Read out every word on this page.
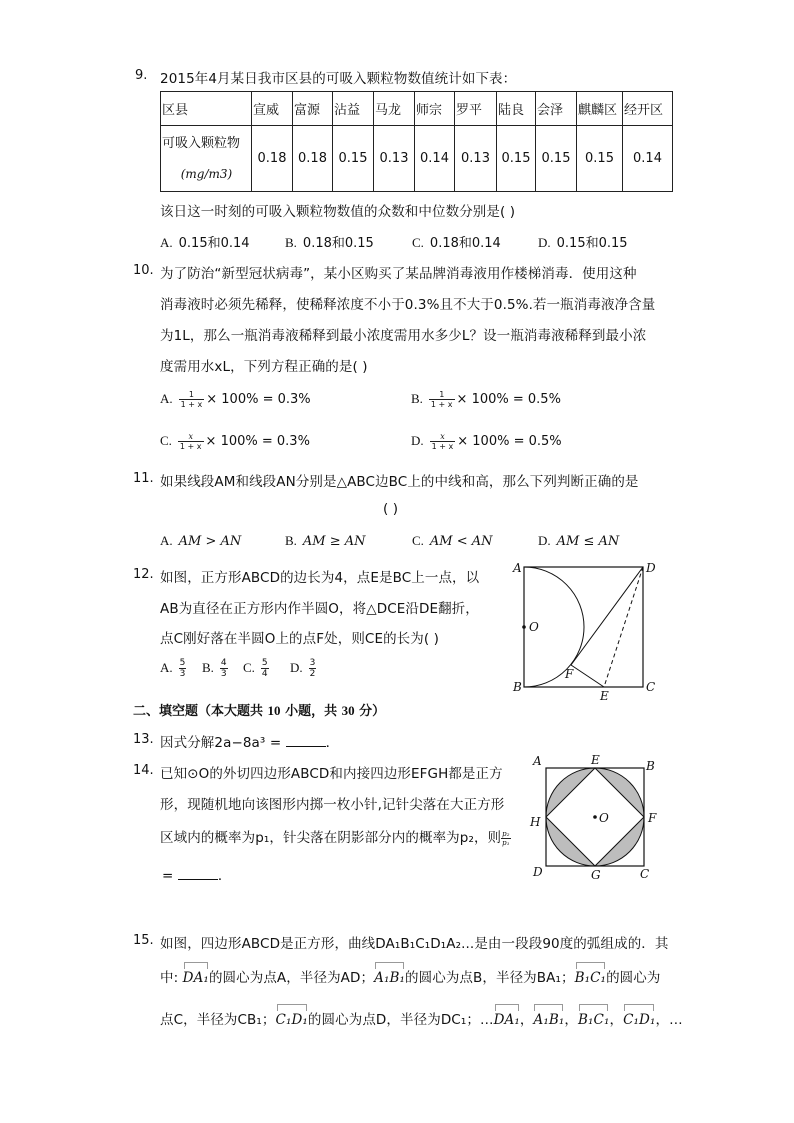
9. 2015年4月某日我市区县的可吸入颗粒物数值统计如下表：
区县	宣威	富源	沾益	马龙	师宗	罗平	陆良	会泽	麒麟区	经开区

可吸入颗粒物
(mg/m3)	0.18	0.18	0.15	0.13	0.14	0.13	0.15	0.15	0.15	0.14
该日这一时刻的可吸入颗粒物数值的众数和中位数分别是( )
A. 0.15和0.14	B. 0.18和0.15	C. 0.18和0.14	D. 0.15和0.15
10. 为了防治“新型冠状病毒”，某小区购买了某品牌消毒液用作楼梯消毒．使用这种
消毒液时必须先稀释，使稀释浓度不小于0.3%且不大于0.5%.若一瓶消毒液净含量
为1L，那么一瓶消毒液稀释到最小浓度需用水多少L？设一瓶消毒液稀释到最小浓
度需用水xL，下列方程正确的是( )
A. $\frac{1}{1 + x} \times 100\% = 0.3\%$	B. $\frac{1}{1 + x} \times 100\% = 0.5\%$
C. $\frac{x}{1 + x} \times 100\% = 0.3\%$	D. $\frac{x}{1 + x} \times 100\% = 0.5\%$
11. 如果线段AM和线段AN分别是△ABC边BC上的中线和高，那么下列判断正确的是
( )
A. AM > AN	B. AM ≥ AN	C. AM < AN	D. AM ≤ AN
12. 如图，正方形ABCD的边长为4，点E是BC上一点，以
AB为直径在正方形内作半圆O，将△DCE沿DE翻折，
点C刚好落在半圆O上的点F处，则CE的长为( )
A. $\frac{5}{3} B$. $\frac{4}{3} C$. $\frac{5}{4} D$. $\frac{3}{2}$
A
B	C
D
E
F
O
二、填空题（本大题共 10 小题，共 30 分）
13. 因式分解2a−8a³ =	．
14. 已知⊙O的外切四边形ABCD和内接四边形EFGH都是正方
形，现随机地向该图形内掷一枚小针,记针尖落在大正方形
区域内的概率为p₁，针尖落在阴影部分内的概率为p₂，则 $\frac{\text{p₂}}{\text{p₁}}$
=	．
A	B
C
D
E
F
G
H	O
15. 如图，四边形ABCD是正方形，曲线DA₁B₁C₁D₁A₂...是由一段段90度的弧组成的．其
中: DA₁的圆心为点A，半径为AD；A₁B₁的圆心为点B，半径为BA₁；B₁C₁的圆心为
点C，半径为CB₁；C₁D₁的圆心为点D，半径为DC₁；…DA₁，A₁B₁，B₁C₁，C₁D₁，…
